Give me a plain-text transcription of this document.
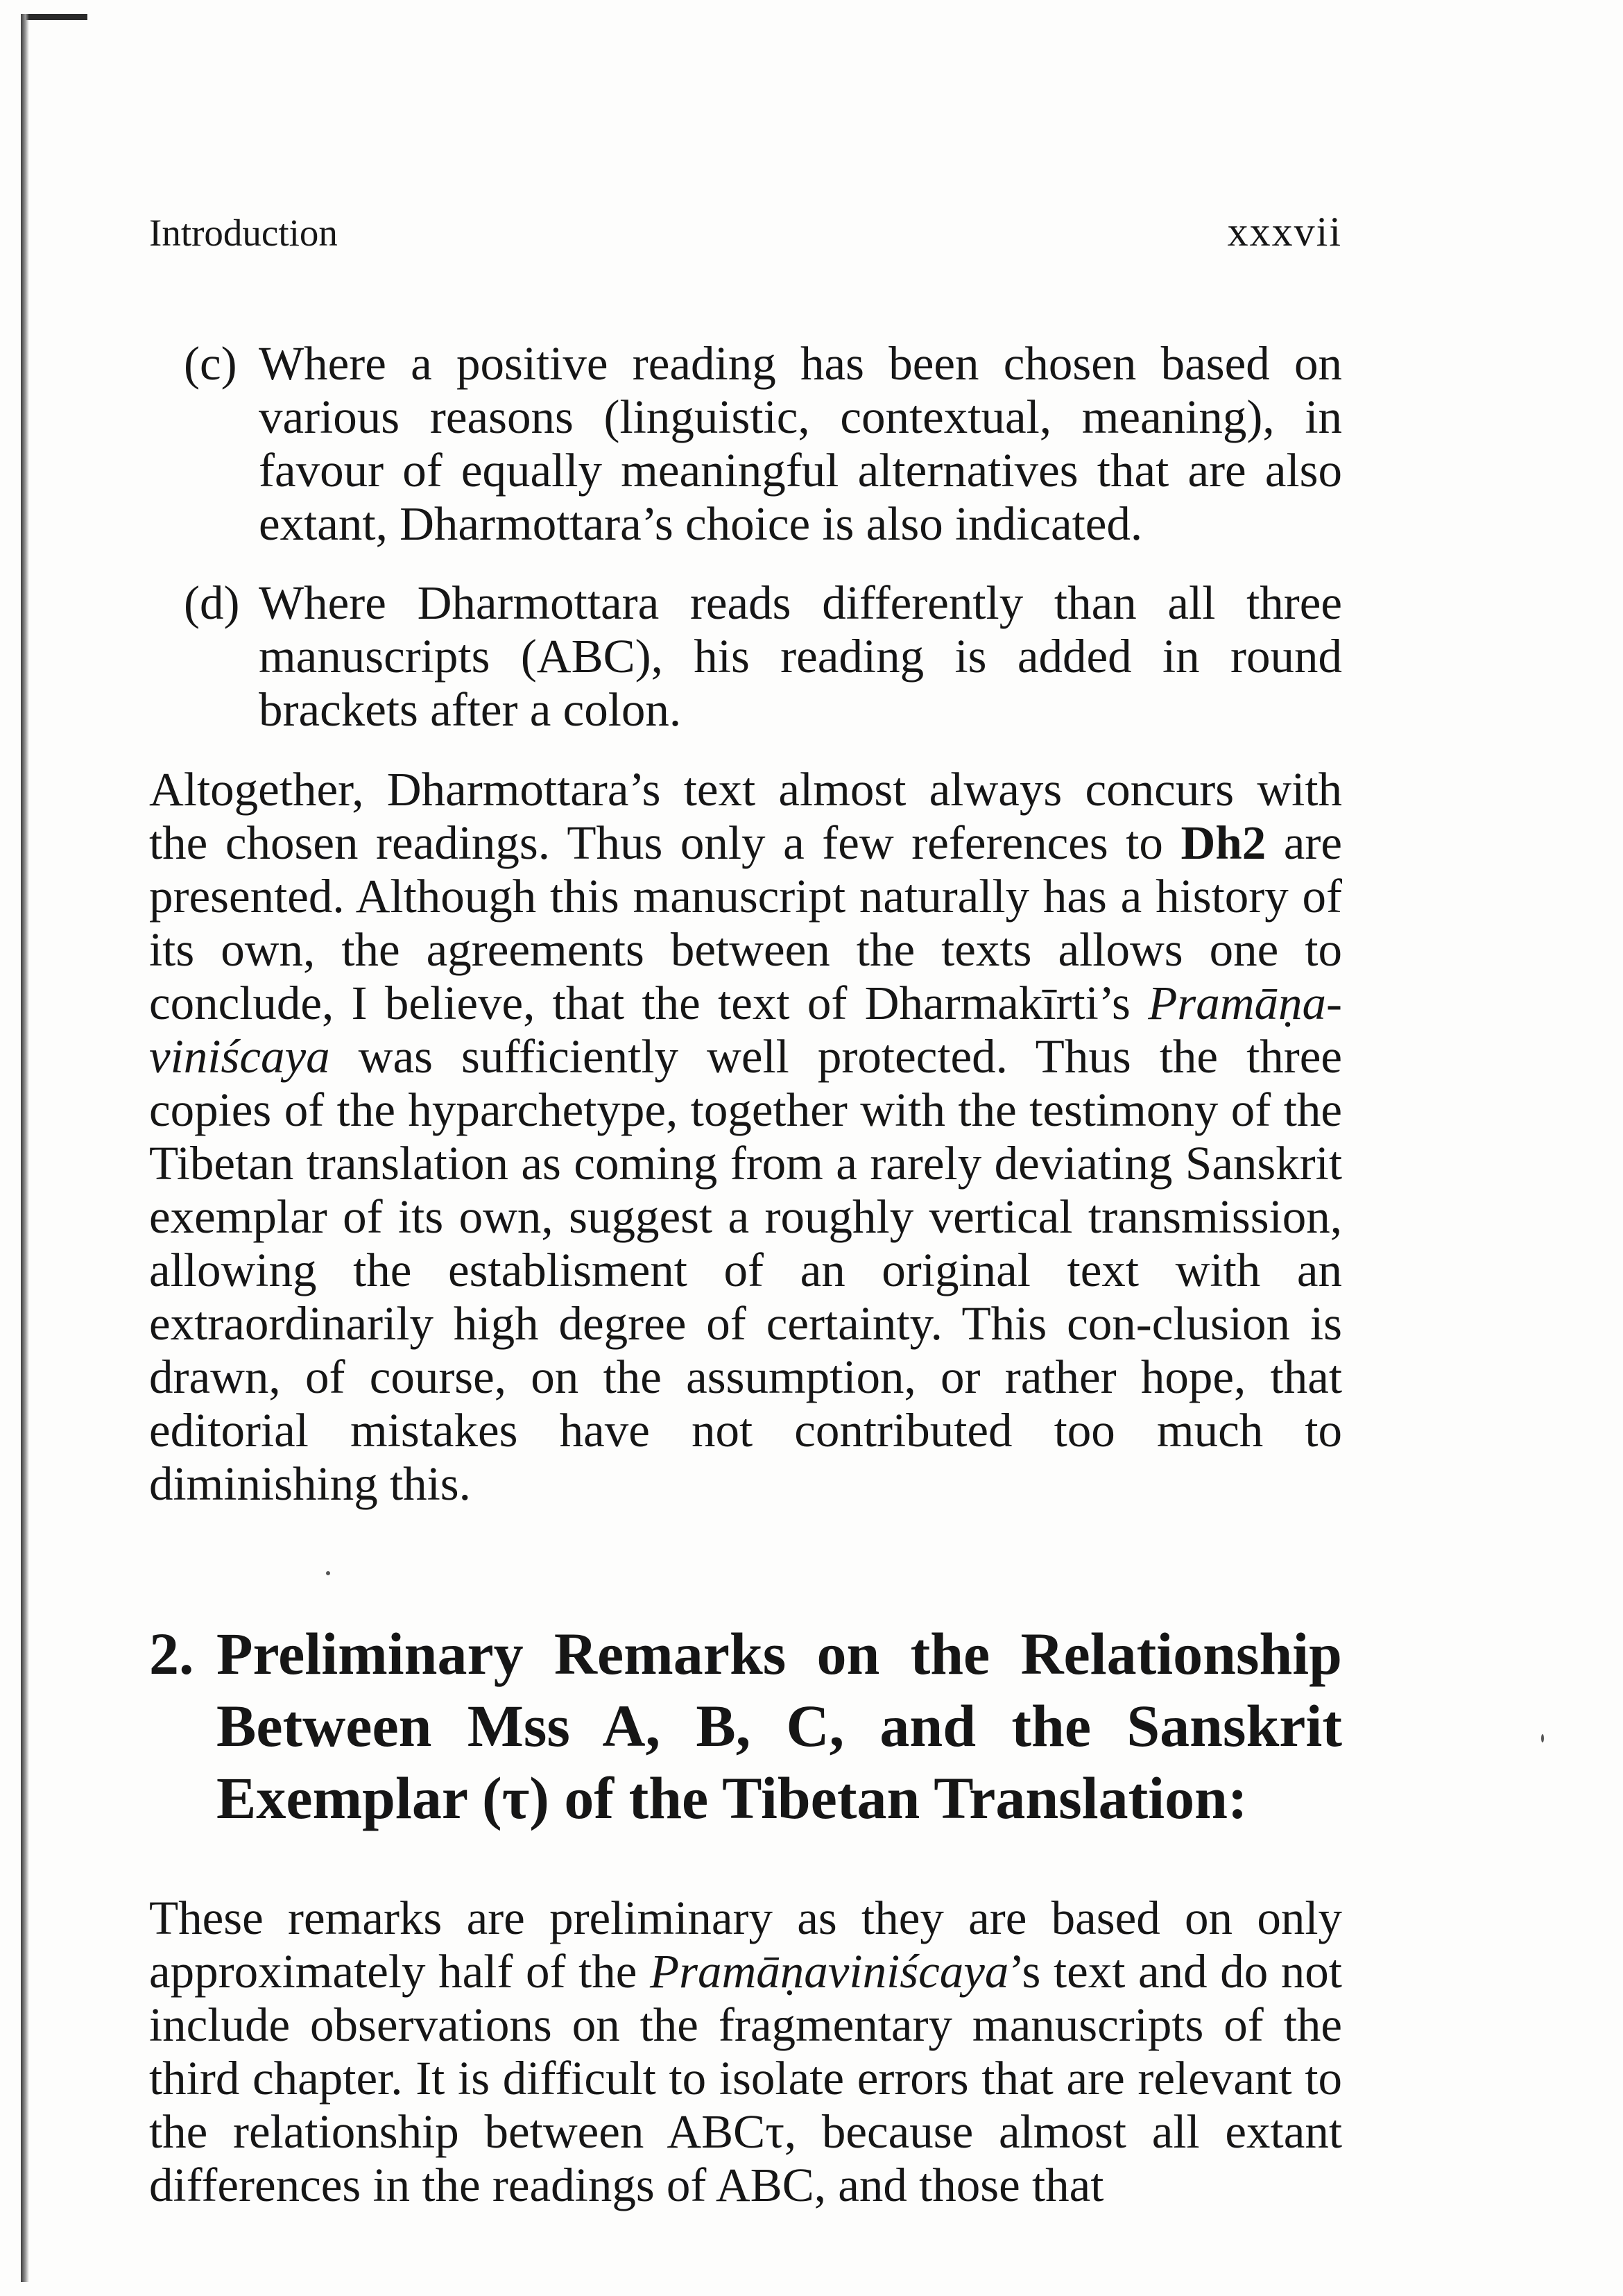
Introduction	xxxvii
(c) Where a positive reading has been chosen based on various reasons (linguistic, contextual, meaning), in favour of equally meaningful alternatives that are also extant, Dharmottara’s choice is also indicated.
(d) Where Dharmottara reads differently than all three manuscripts (ABC), his reading is added in round brackets after a colon.

Altogether, Dharmottara’s text almost always concurs with the chosen readings. Thus only a few references to Dh2 are presented. Although this manuscript naturally has a history of its own, the agreements between the texts allows one to conclude, I believe, that the text of Dharmakīrti’s Pramāṇa-viniścaya was sufficiently well protected. Thus the three copies of the hyparchetype, together with the testimony of the Tibetan translation as coming from a rarely deviating Sanskrit exemplar of its own, suggest a roughly vertical transmission, allowing the establisment of an original text with an extraordinarily high degree of certainty. This con-clusion is drawn, of course, on the assumption, or rather hope, that editorial mistakes have not contributed too much to diminishing this.

2. Preliminary Remarks on the Relationship Between Mss A, B, C, and the Sanskrit Exemplar (τ) of the Tibetan Translation:

These remarks are preliminary as they are based on only approximately half of the Pramāṇaviniścaya’s text and do not include observations on the fragmentary manuscripts of the third chapter. It is difficult to isolate errors that are relevant to the relationship between ABCτ, because almost all extant differences in the readings of ABC, and those that
